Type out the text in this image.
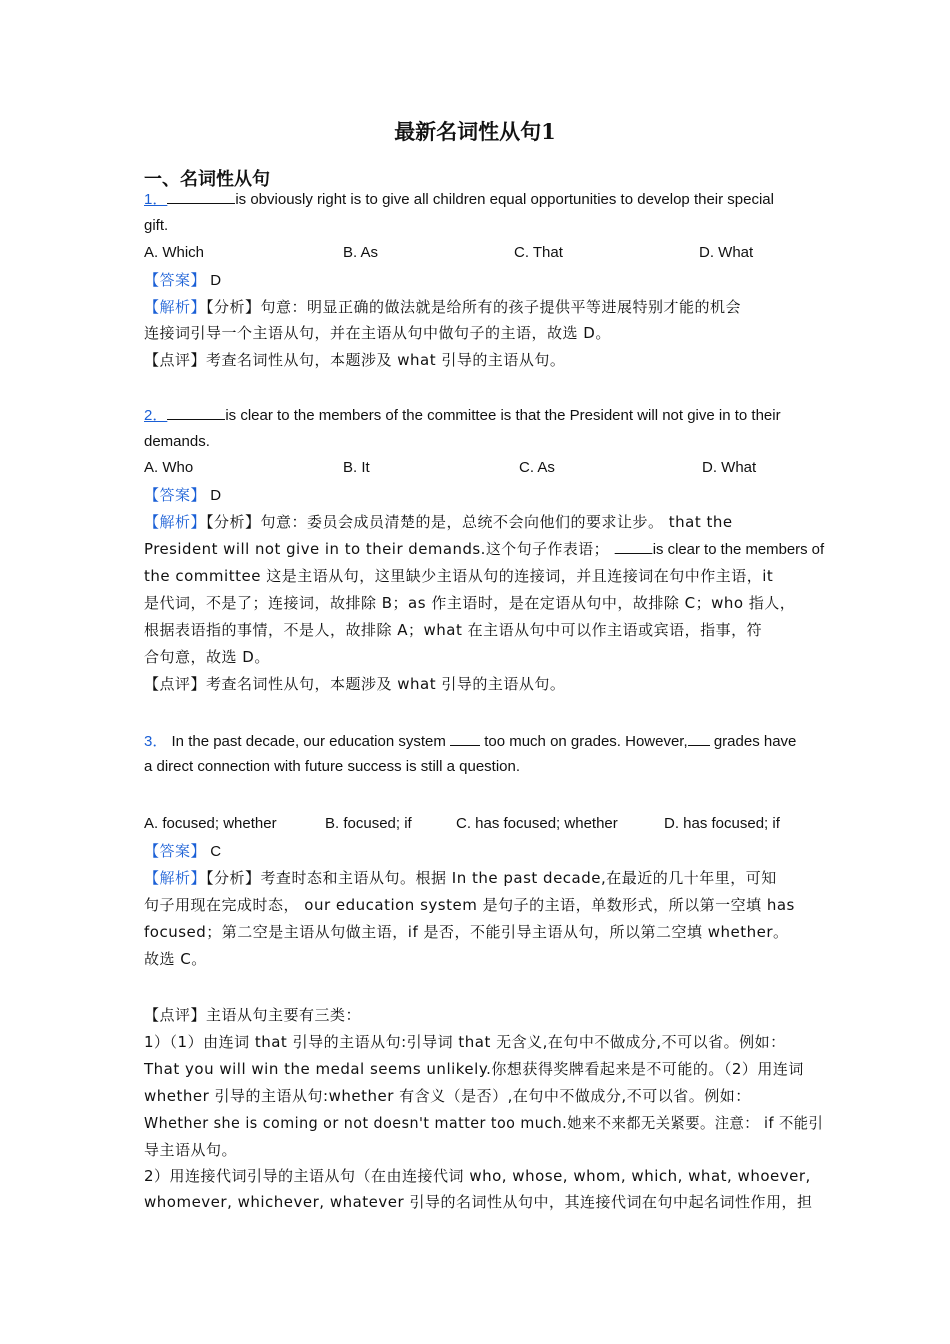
最新名词性从句1
一、名词性从句
1．	is obviously right is to give all children equal opportunities to develop their special
gift.
A. Which	B. As	C. That	D. What
【答案】 D
【解析】【分析】句意：明显正确的做法就是给所有的孩子提供平等进展特别才能的机会
连接词引导一个主语从句，并在主语从句中做句子的主语，故选 D。
【点评】考查名词性从句，本题涉及 what 引导的主语从句。
2．	is clear to the members of the committee is that the President will not give in to their
demands.
A. Who	B. It	C. As	D. What
【答案】 D
【解析】【分析】句意：委员会成员清楚的是，总统不会向他们的要求让步。 that the
President will not give in to their demands.这个句子作表语；	is clear to the members of
the committee 这是主语从句，这里缺少主语从句的连接词，并且连接词在句中作主语，it
是代词，不是了；连接词，故排除 B；as 作主语时，是在定语从句中，故排除 C；who 指人，
根据表语指的事情，不是人，故排除 A；what 在主语从句中可以作主语或宾语，指事，符
合句意，故选 D。
【点评】考查名词性从句，本题涉及 what 引导的主语从句。
3． In the past decade, our education system  too much on grades. However, grades have
a direct connection with future success is still a question.
A. focused; whether	B. focused; if	C. has focused; whether	D. has focused; if
【答案】 C
【解析】【分析】考查时态和主语从句。根据 In the past decade,在最近的几十年里，可知
句子用现在完成时态， our education system 是句子的主语，单数形式，所以第一空填 has
focused；第二空是主语从句做主语，if 是否，不能引导主语从句，所以第二空填 whether。
故选 C。
【点评】主语从句主要有三类：
1）（1）由连词 that 引导的主语从句:引导词 that 无含义,在句中不做成分,不可以省。例如：
That you will win the medal seems unlikely.你想获得奖牌看起来是不可能的。（2）用连词
whether 引导的主语从句:whether 有含义（是否）,在句中不做成分,不可以省。例如：
Whether she is coming or not doesn't matter too much.她来不来都无关紧要。注意： if 不能引
导主语从句。
2）用连接代词引导的主语从句（在由连接代词 who, whose, whom, which, what, whoever,
whomever, whichever, whatever 引导的名词性从句中，其连接代词在句中起名词性作用，担
